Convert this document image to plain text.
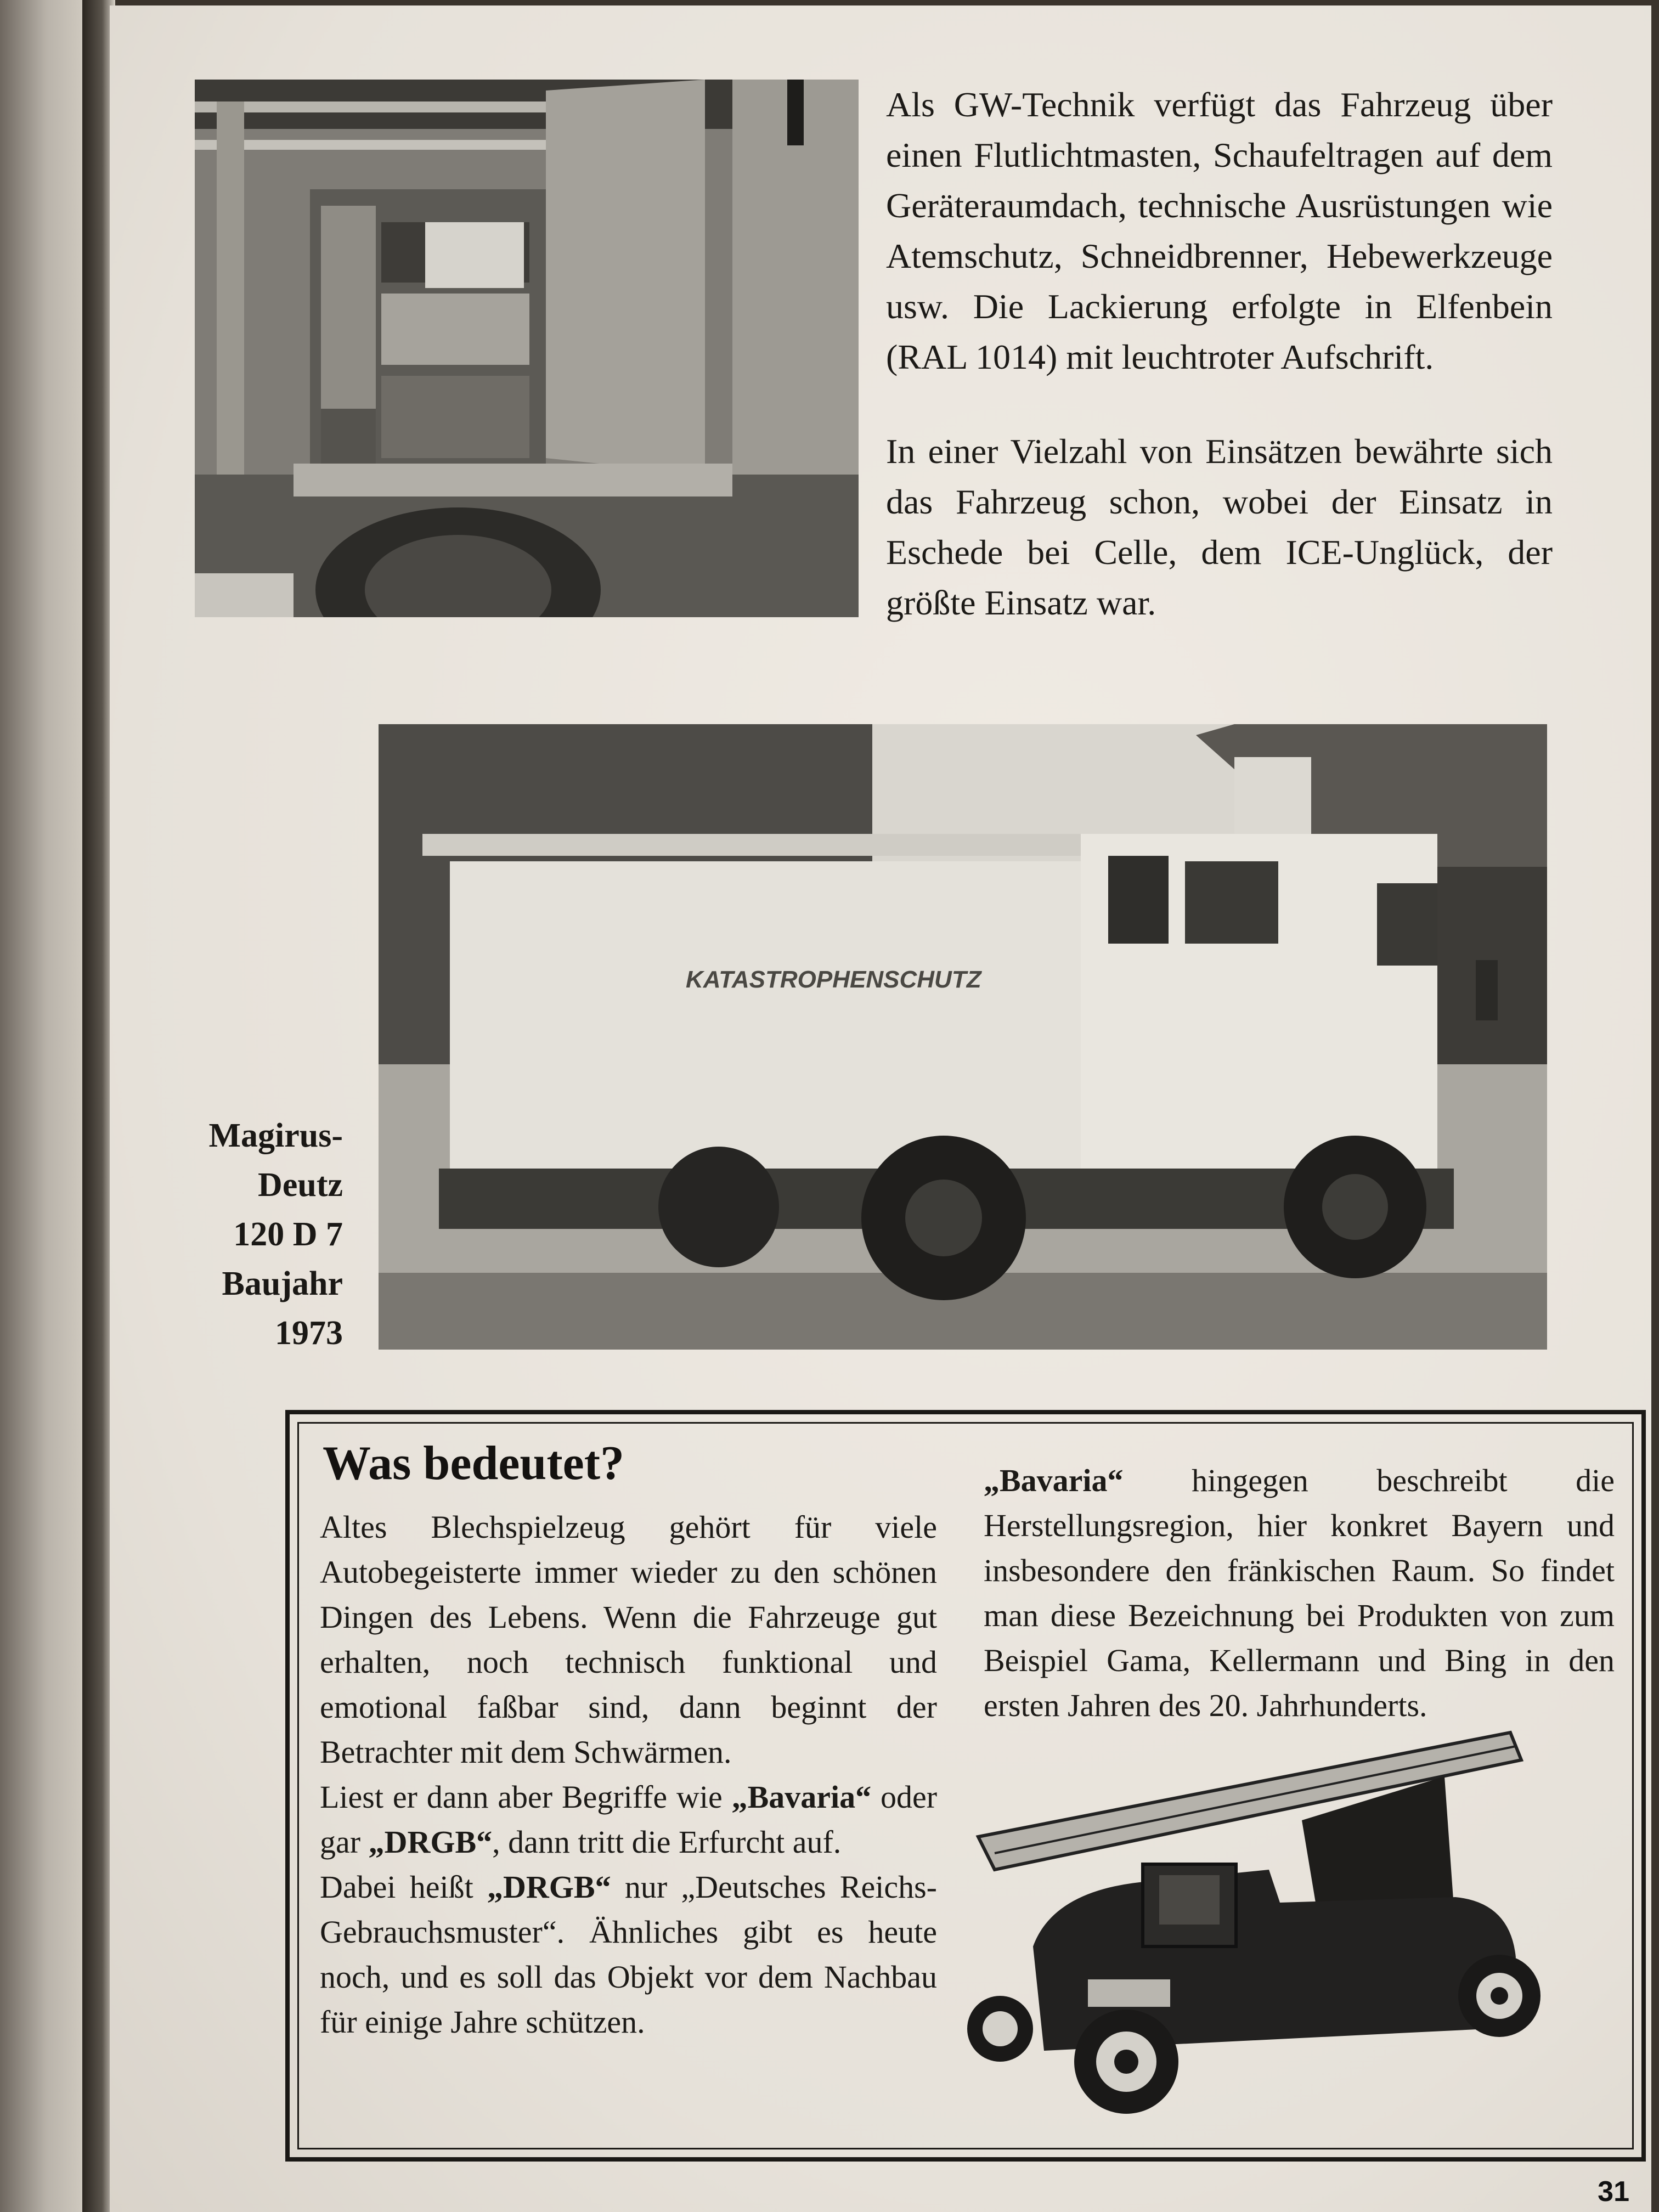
Als GW-Technik verfügt das Fahrzeug über einen Flutlichtmasten, Schaufeltragen auf dem Geräteraumdach, technische Ausrüstungen wie Atemschutz, Schneidbrenner, Hebewerkzeuge usw. Die Lackierung erfolgte in Elfenbein (RAL 1014) mit leuchtroter Aufschrift.

In einer Vielzahl von Einsätzen bewährte sich das Fahrzeug schon, wobei der Einsatz in Eschede bei Celle, dem ICE-Unglück, der größte Einsatz war.

KATASTROPHENSCHUTZ
Magirus-
Deutz
120 D 7
Baujahr
1973
Was bedeutet?

Altes Blechspielzeug gehört für viele Autobegeisterte immer wieder zu den schönen Dingen des Lebens. Wenn die Fahrzeuge gut erhalten, noch technisch funktional und emotional faßbar sind, dann beginnt der Betrachter mit dem Schwärmen.

Liest er dann aber Begriffe wie „Bavaria“ oder gar „DRGB“, dann tritt die Erfurcht auf.

Dabei heißt „DRGB“ nur „Deutsches Reichs-Gebrauchsmuster“. Ähnliches gibt es heute noch, und es soll das Objekt vor dem Nachbau für einige Jahre schützen.

„Bavaria“ hingegen beschreibt die Herstellungsregion, hier konkret Bayern und insbesondere den fränkischen Raum. So findet man diese Bezeichnung bei Produkten von zum Beispiel Gama, Kellermann und Bing in den ersten Jahren des 20. Jahrhunderts.

31
